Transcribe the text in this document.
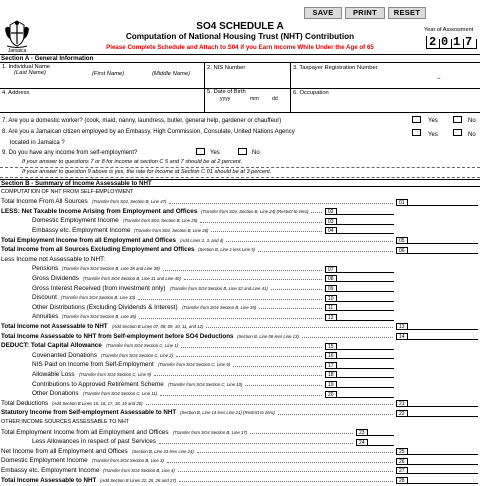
SAVE	PRINT	RESET
Jamaica
SO4 SCHEDULE A
Computation of National Housing Trust (NHT) Contribution
Please Complete Schedule and Attach to S04 if you Earn Income While Under the Age of 65
Year of Assessment
2 0 1 7
Section A - General Information
1. Individual Name
(Last Name)	(First Name)	(Middle Name)
2. NIS Number	3. Taxpayer Registration Number
–
4. Address	5. Date of Birth
yyyy	mm	dd
6. Occupation
7. Are you a domestic worker? (cook, maid, nanny, laundress, butler, general help, gardener or chauffeur)	Yes	No
8. Are you a Jamaican citizen employed by an Embassy, High Commission, Consulate, United Nations Agency
located in Jamaica ?
Yes	No
9. Do you have any income from self-employment?	Yes	No
If your answer to questions 7 or 8 for income at section C 5 and 7 should be at 2 percent.
If your answer to question 9 above is yes, the rate for income at Section C 01 should be at 3 percent.
Section B - Summary of Income Assessable to NHT
COMPUTATION OF NHT FROM SELF-EMPLOYMENT
Total Income From All Sources (Transfer from S04, Section B, Line 47)	01
LESS: Net Taxable Income Arising from Employment and Offices (Transfer from S04, Section B, Line 24) (Restrict to zero)	02
Domestic Employment Income (Transfer from S04, Section B, Line 25)	03
Embassy etc. Employment Income (Transfer from S04, Section B, Line 26)	04
Total Employment Income from all Employment and Offices (Add Lines 2, 3, and 4)	05
Total Income from all Sources Excluding Employment and Offices (Section B, Line 1 less Line 5)	06
Less Income not Assessable to NHT:
Pensions (Transfer from SO4 Section B, Line 28 and Line 39)	07
Gross Dividends (Transfer from SO4 Section B, Line 31 and Line 40)	08
Gross Interest Received (from investment only) (Transfer from SO4 Section B, Line 32 and Line 41)	09
Discount (Transfer from SO4 Section B, Line 33)	10
Other Distributions (Excluding Dividends & Interest) (Transfer from SO4 Section B, Line 35)	11
Annuities (Transfer from SO4 Section B, Line 36)	12
Total Income not Assessable to NHT (Add Section B Lines 07, 08, 09, 10, 11, and 12)	13
Total Income Assessable to NHT from Self-employment before SO4 Deductions (Section B, Line 06 less Line 13)	14
DEDUCT: Total Capital Allowance (Transfer from SO4 Section C, Line 1)	15
Covenanted Donations (Transfer from SO4 Section C, Line 2)	16
NIS Paid on Income from Self-Employment (Transfer from SO4 Section C, Line 9)	17
Allowable Loss (Transfer from SO4 Section C, Line 9)	18
Contributions to Approved Retirement Scheme (Transfer from SO4 Section C, Line 10)	19
Other Donations (Transfer from SO4 Section C, Line 11)	20
Total Deductions (Add Section B Lines 15, 16, 17, 18, 19 and 20)	21
Statutory Income from Self-employment Assessable to NHT (Section B, Line 14 less Line 21) (Restrict to zero)	22
OTHER INCOME SOURCES ASSESSABLE TO NHT
Total Employment Income from all Employment and Offices (Transfer from SO4 Section B, Line 17)	23
Less Allowances in respect of past Services	24
Net Income from all Employment and Offices (Section B, Line 23 less Line 24)	25
Domestic Employment Income (Transfer from SO4 Section B, Line 3)	26
Embassy etc. Employment Income (Transfer from SO4 Section B, Line 4)	27
Total Income Assessable to NHT (Add Section B Lines 22, 25, 26 and 27)	28
